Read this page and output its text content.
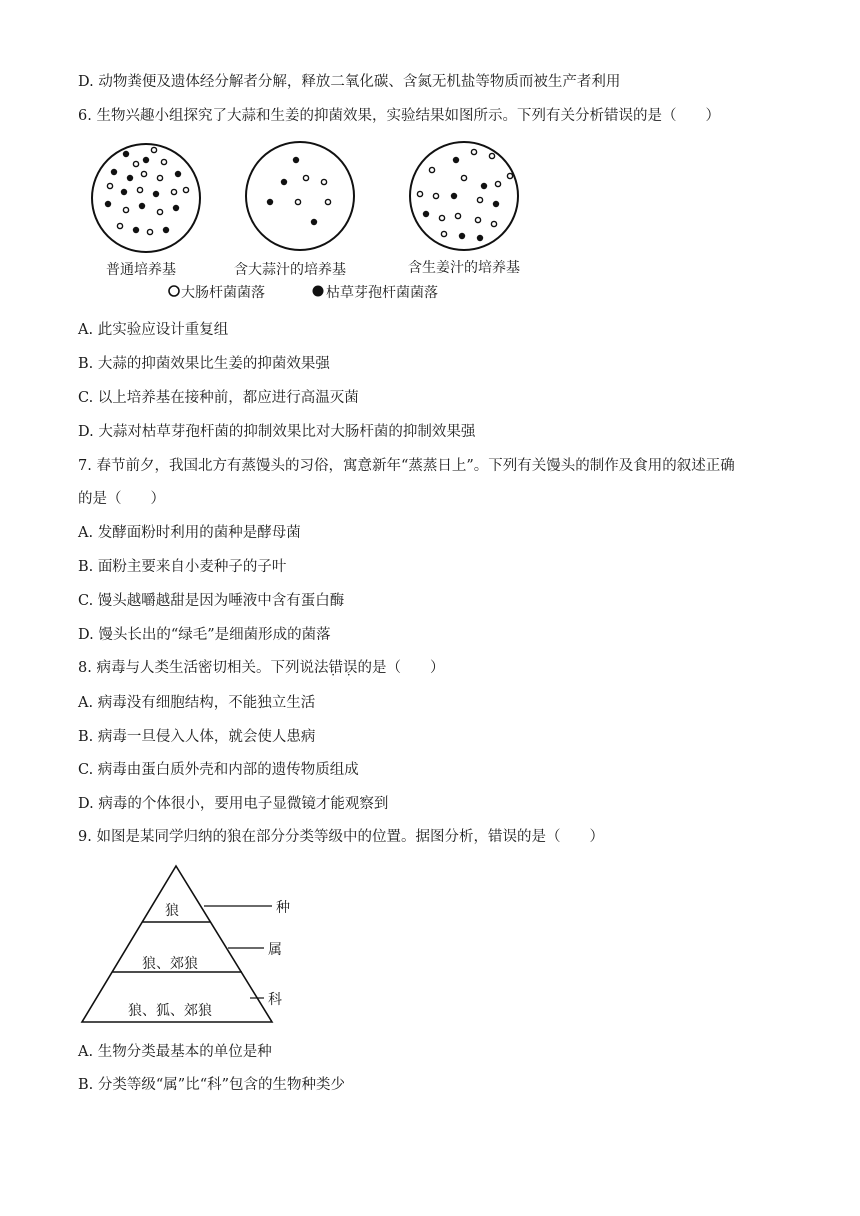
D. 动物粪便及遗体经分解者分解，释放二氧化碳、含氮无机盐等物质而被生产者利用
6. 生物兴趣小组探究了大蒜和生姜的抑菌效果，实验结果如图所示。下列有关分析错误的是（　　）
普通培养基	含大蒜汁的培养基	含生姜汁的培养基
大肠杆菌菌落	枯草芽孢杆菌菌落
A. 此实验应设计重复组
B. 大蒜的抑菌效果比生姜的抑菌效果强
C. 以上培养基在接种前，都应进行高温灭菌
D. 大蒜对枯草芽孢杆菌的抑制效果比对大肠杆菌的抑制效果强
7. 春节前夕，我国北方有蒸馒头的习俗，寓意新年“蒸蒸日上”。下列有关馒头的制作及食用的叙述正确
的是（　　）
A. 发酵面粉时利用的菌种是酵母菌
B. 面粉主要来自小麦种子的子叶
C. 馒头越嚼越甜是因为唾液中含有蛋白酶
D. 馒头长出的“绿毛”是细菌形成的菌落
8. 病毒与人类生活密切相关。下列说法错误 · ·的是（　　）
A. 病毒没有细胞结构，不能独立生活
B. 病毒一旦侵入人体，就会使人患病
C. 病毒由蛋白质外壳和内部的遗传物质组成
D. 病毒的个体很小，要用电子显微镜才能观察到
9. 如图是某同学归纳的狼在部分分类等级中的位置。据图分析，错误的是（　　）
狼
狼、郊狼
狼、狐、郊狼
种
属
科
A. 生物分类最基本的单位是种
B. 分类等级“属”比“科”包含的生物种类少
